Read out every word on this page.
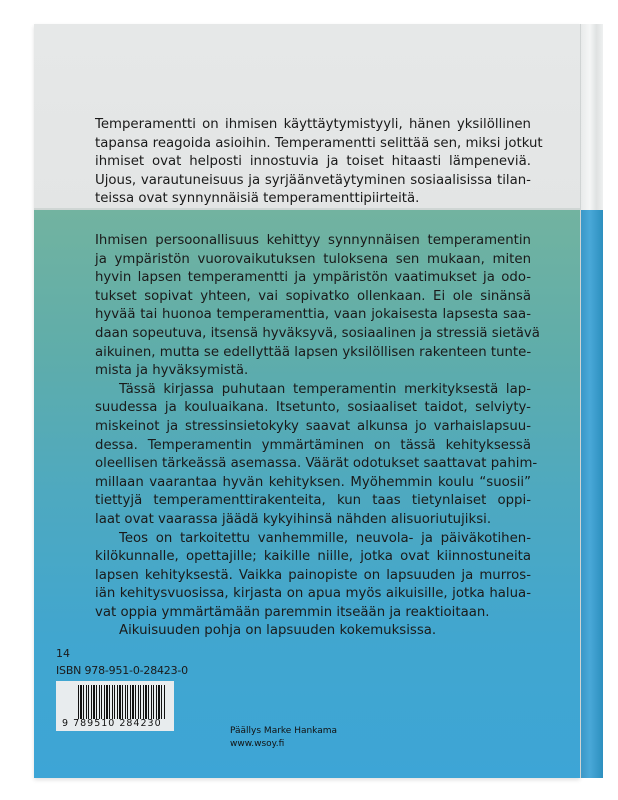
Temperamentti on ihmisen käyttäytymistyyli, hänen yksilöllinen
tapansa reagoida asioihin. Temperamentti selittää sen, miksi jotkut
ihmiset ovat helposti innostuvia ja toiset hitaasti lämpeneviä.
Ujous, varautuneisuus ja syrjäänvetäytyminen sosiaalisissa tilan-
teissa ovat synnynnäisiä temperamenttipiirteitä.

Ihmisen persoonallisuus kehittyy synnynnäisen temperamentin
ja ympäristön vuorovaikutuksen tuloksena sen mukaan, miten
hyvin lapsen temperamentti ja ympäristön vaatimukset ja odo-
tukset sopivat yhteen, vai sopivatko ollenkaan. Ei ole sinänsä
hyvää tai huonoa temperamenttia, vaan jokaisesta lapsesta saa-
daan sopeutuva, itsensä hyväksyvä, sosiaalinen ja stressiä sietävä
aikuinen, mutta se edellyttää lapsen yksilöllisen rakenteen tunte-
mista ja hyväksymistä.

Tässä kirjassa puhutaan temperamentin merkityksestä lap-
suudessa ja kouluaikana. Itsetunto, sosiaaliset taidot, selviyty-
miskeinot ja stressinsietokyky saavat alkunsa jo varhaislapsuu-
dessa. Temperamentin ymmärtäminen on tässä kehityksessä
oleellisen tärkeässä asemassa. Väärät odotukset saattavat pahim-
millaan vaarantaa hyvän kehityksen. Myöhemmin koulu “suosii”
tiettyjä temperamenttirakenteita, kun taas tietynlaiset oppi-
laat ovat vaarassa jäädä kykyihinsä nähden alisuoriutujiksi.

Teos on tarkoitettu vanhemmille, neuvola- ja päiväkotihen-
kilökunnalle, opettajille; kaikille niille, jotka ovat kiinnostuneita
lapsen kehityksestä. Vaikka painopiste on lapsuuden ja murros-
iän kehitysvuosissa, kirjasta on apua myös aikuisille, jotka halua-
vat oppia ymmärtämään paremmin itseään ja reaktioitaan.

Aikuisuuden pohja on lapsuuden kokemuksissa.

14
ISBN 978-951-0-28423-0
9 789510 284230
Päällys Marke Hankama
www.wsoy.fi
